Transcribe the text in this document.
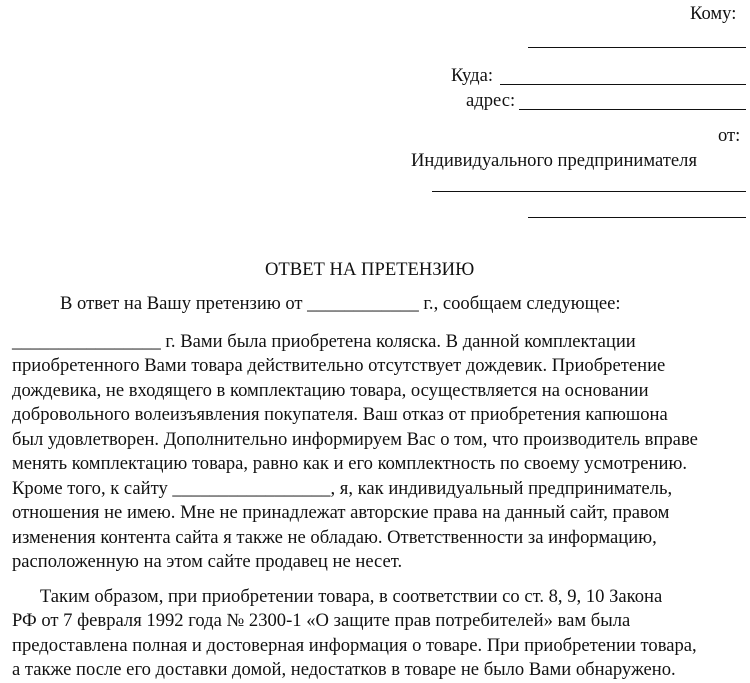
Кому:
Куда:
адрес:
от:
Индивидуального предпринимателя
ОТВЕТ НА ПРЕТЕНЗИЮ
В ответ на Вашу претензию от ____________ г., сообщаем следующее:
________________ г. Вами была приобретена коляска. В данной комплектации
приобретенного Вами товара действительно отсутствует дождевик. Приобретение
дождевика, не входящего в комплектацию товара, осуществляется на основании
добровольного волеизъявления покупателя. Ваш отказ от приобретения капюшона
был удовлетворен. Дополнительно информируем Вас о том, что производитель вправе
менять комплектацию товара, равно как и его комплектность по своему усмотрению.
Кроме того, к сайту _________________, я, как индивидуальный предприниматель,
отношения не имею. Мне не принадлежат авторские права на данный сайт, правом
изменения контента сайта я также не обладаю. Ответственности за информацию,
расположенную на этом сайте продавец не несет.
Таким образом, при приобретении товара, в соответствии со ст. 8, 9, 10 Закона
РФ от 7 февраля 1992 года № 2300-1 «О защите прав потребителей» вам была
предоставлена полная и достоверная информация о товаре. При приобретении товара,
а также после его доставки домой, недостатков в товаре не было Вами обнаружено.
